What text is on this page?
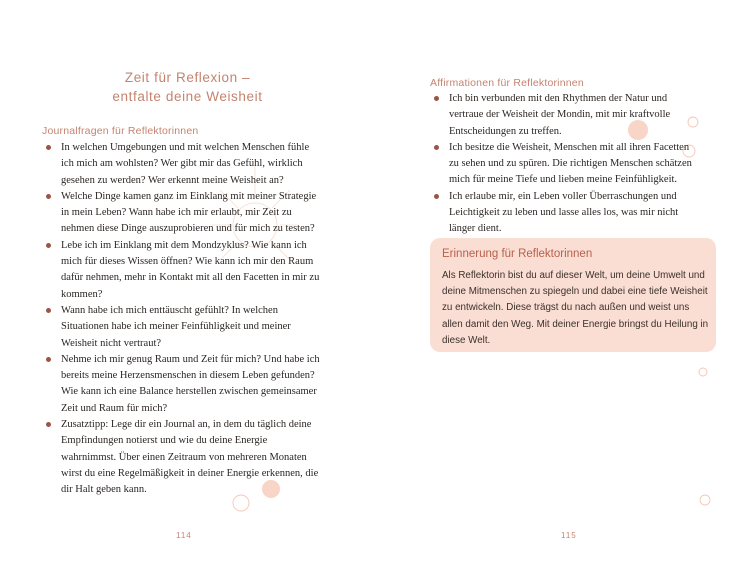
Zeit für Reflexion –
entfalte deine Weisheit
Journalfragen für Reflektorinnen
In welchen Umgebungen und mit welchen Menschen fühle ich mich am wohlsten? Wer gibt mir das Gefühl, wirklich gesehen zu werden? Wer erkennt meine Weisheit an?
Welche Dinge kamen ganz im Einklang mit meiner Strategie in mein Leben? Wann habe ich mir erlaubt, mir Zeit zu nehmen diese Dinge auszuprobieren und für mich zu testen?
Lebe ich im Einklang mit dem Mondzyklus? Wie kann ich mich für dieses Wissen öffnen? Wie kann ich mir den Raum dafür nehmen, mehr in Kontakt mit all den Facetten in mir zu kommen?
Wann habe ich mich enttäuscht gefühlt? In welchen Situationen habe ich meiner Feinfühligkeit und meiner Weisheit nicht vertraut?
Nehme ich mir genug Raum und Zeit für mich? Und habe ich bereits meine Herzensmenschen in diesem Leben gefunden? Wie kann ich eine Balance herstellen zwischen gemeinsamer Zeit und Raum für mich?
Zusatztipp: Lege dir ein Journal an, in dem du täglich deine Empfindungen notierst und wie du deine Energie wahrnimmst. Über einen Zeitraum von mehreren Monaten wirst du eine Regelmäßigkeit in deiner Energie erkennen, die dir Halt geben kann.
114
Affirmationen für Reflektorinnen
Ich bin verbunden mit den Rhythmen der Natur und vertraue der Weisheit der Mondin, mit mir kraftvolle Entscheidungen zu treffen.
Ich besitze die Weisheit, Menschen mit all ihren Facetten zu sehen und zu spüren. Die richtigen Menschen schätzen mich für meine Tiefe und lieben meine Feinfühligkeit.
Ich erlaube mir, ein Leben voller Überraschungen und Leichtigkeit zu leben und lasse alles los, was mir nicht länger dient.
Erinnerung für Reflektorinnen
Als Reflektorin bist du auf dieser Welt, um deine Umwelt und deine Mitmenschen zu spiegeln und dabei eine tiefe Weisheit zu entwickeln. Diese trägst du nach außen und weist uns allen damit den Weg. Mit deiner Energie bringst du Heilung in diese Welt.
115
